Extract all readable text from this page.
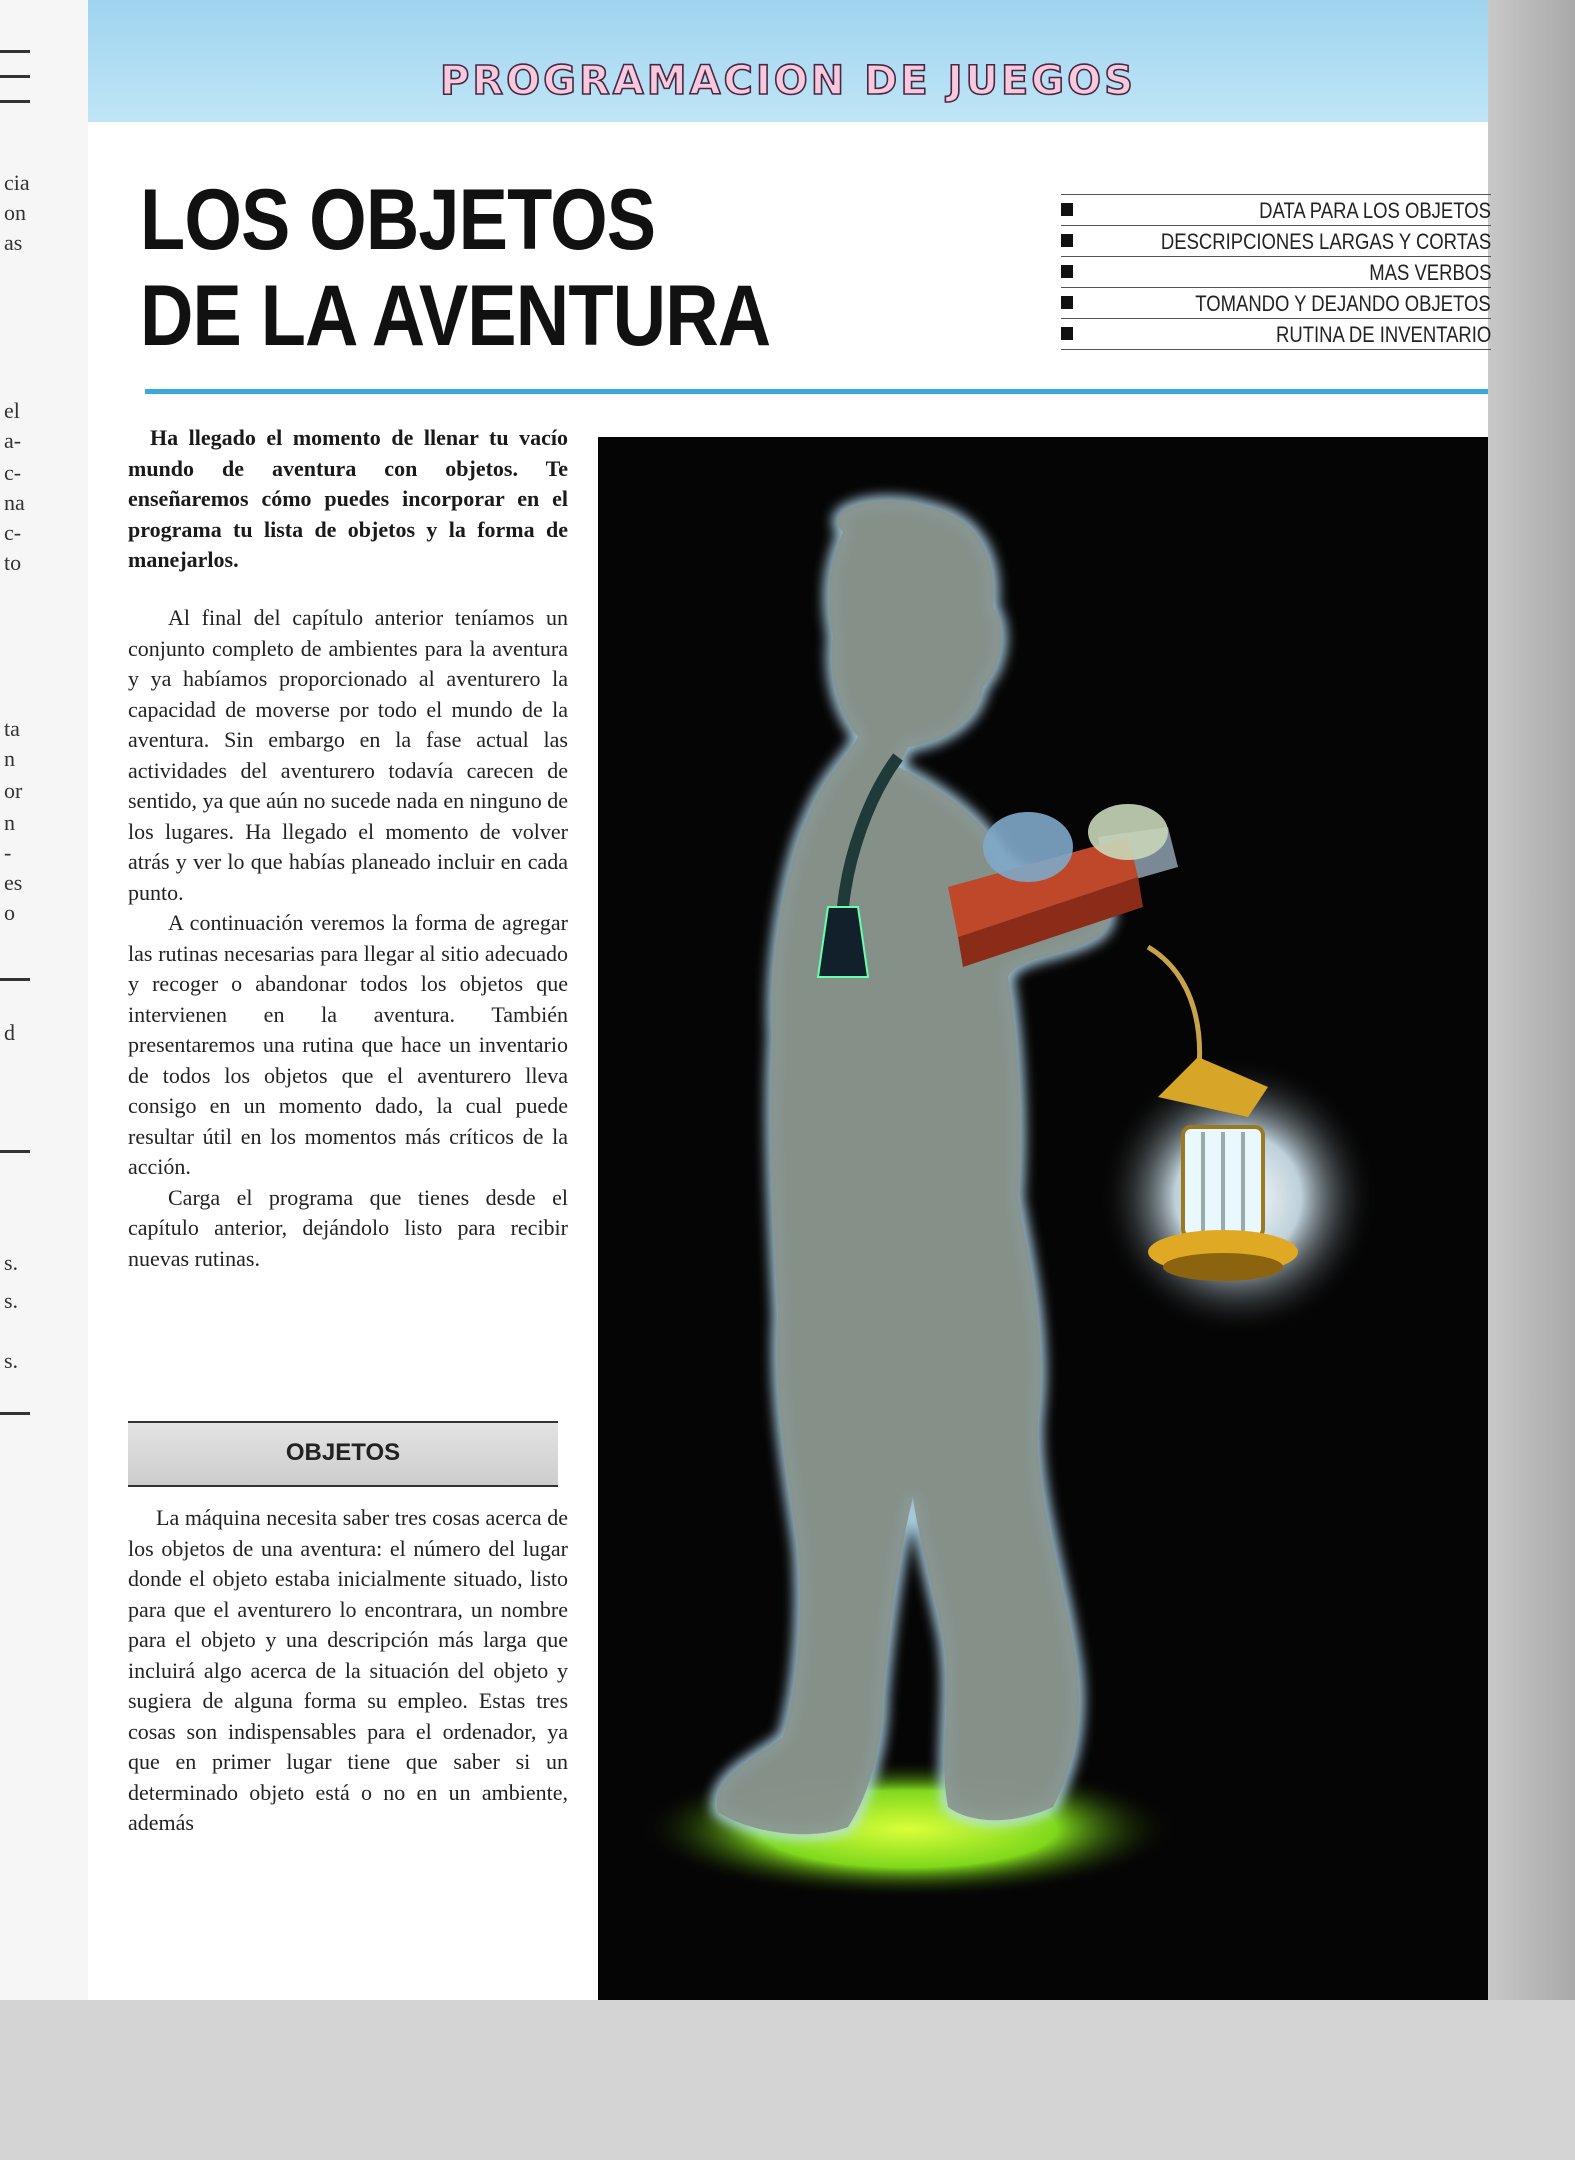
cia
on
as
el
a-
c-
na
c-
to
ta
n
or
n
-
es
o
d
s.
s.
s.
PROGRAMACION DE JUEGOS
LOS OBJETOS
DE LA AVENTURA
DATA PARA LOS OBJETOS
DESCRIPCIONES LARGAS Y CORTAS
MAS VERBOS
TOMANDO Y DEJANDO OBJETOS
RUTINA DE INVENTARIO

Ha llegado el momento de llenar tu vacío mundo de aventura con objetos. Te enseñaremos cómo puedes incorporar en el programa tu lista de objetos y la forma de manejarlos.

Al final del capítulo anterior teníamos un conjunto completo de ambientes para la aventura y ya habíamos proporcionado al aventurero la capacidad de moverse por todo el mundo de la aventura. Sin embargo en la fase actual las actividades del aventurero todavía carecen de sentido, ya que aún no sucede nada en ninguno de los lugares. Ha llegado el momento de volver atrás y ver lo que habías planeado incluir en cada punto.

A continuación veremos la forma de agregar las rutinas necesarias para llegar al sitio adecuado y recoger o abandonar todos los objetos que intervienen en la aventura. También presentaremos una rutina que hace un inventario de todos los objetos que el aventurero lleva consigo en un momento dado, la cual puede resultar útil en los momentos más críticos de la acción.

Carga el programa que tienes desde el capítulo anterior, dejándolo listo para recibir nuevas rutinas.

OBJETOS

La máquina necesita saber tres cosas acerca de los objetos de una aventura: el número del lugar donde el objeto estaba inicialmente situado, listo para que el aventurero lo encontrara, un nombre para el objeto y una descripción más larga que incluirá algo acerca de la situación del objeto y sugiera de alguna forma su empleo. Estas tres cosas son indispensables para el ordenador, ya que en primer lugar tiene que saber si un determinado objeto está o no en un ambiente, además
